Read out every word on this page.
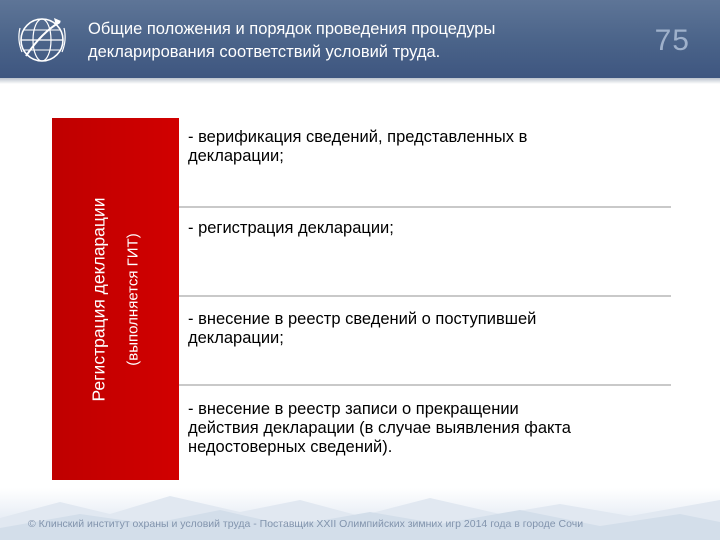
Общие положения и порядок проведения процедуры
декларирования соответствий условий труда.	75
Регистрация декларации (выполняется ГИТ)
- верификация сведений, представленных в
декларации;
- регистрация декларации;
- внесение в реестр сведений о поступившей
декларации;
- внесение в реестр записи о прекращении
действия декларации (в случае выявления факта
недостоверных сведений).
© Клинский институт охраны и условий труда - Поставщик XXII Олимпийских зимних игр 2014 года в городе Сочи
